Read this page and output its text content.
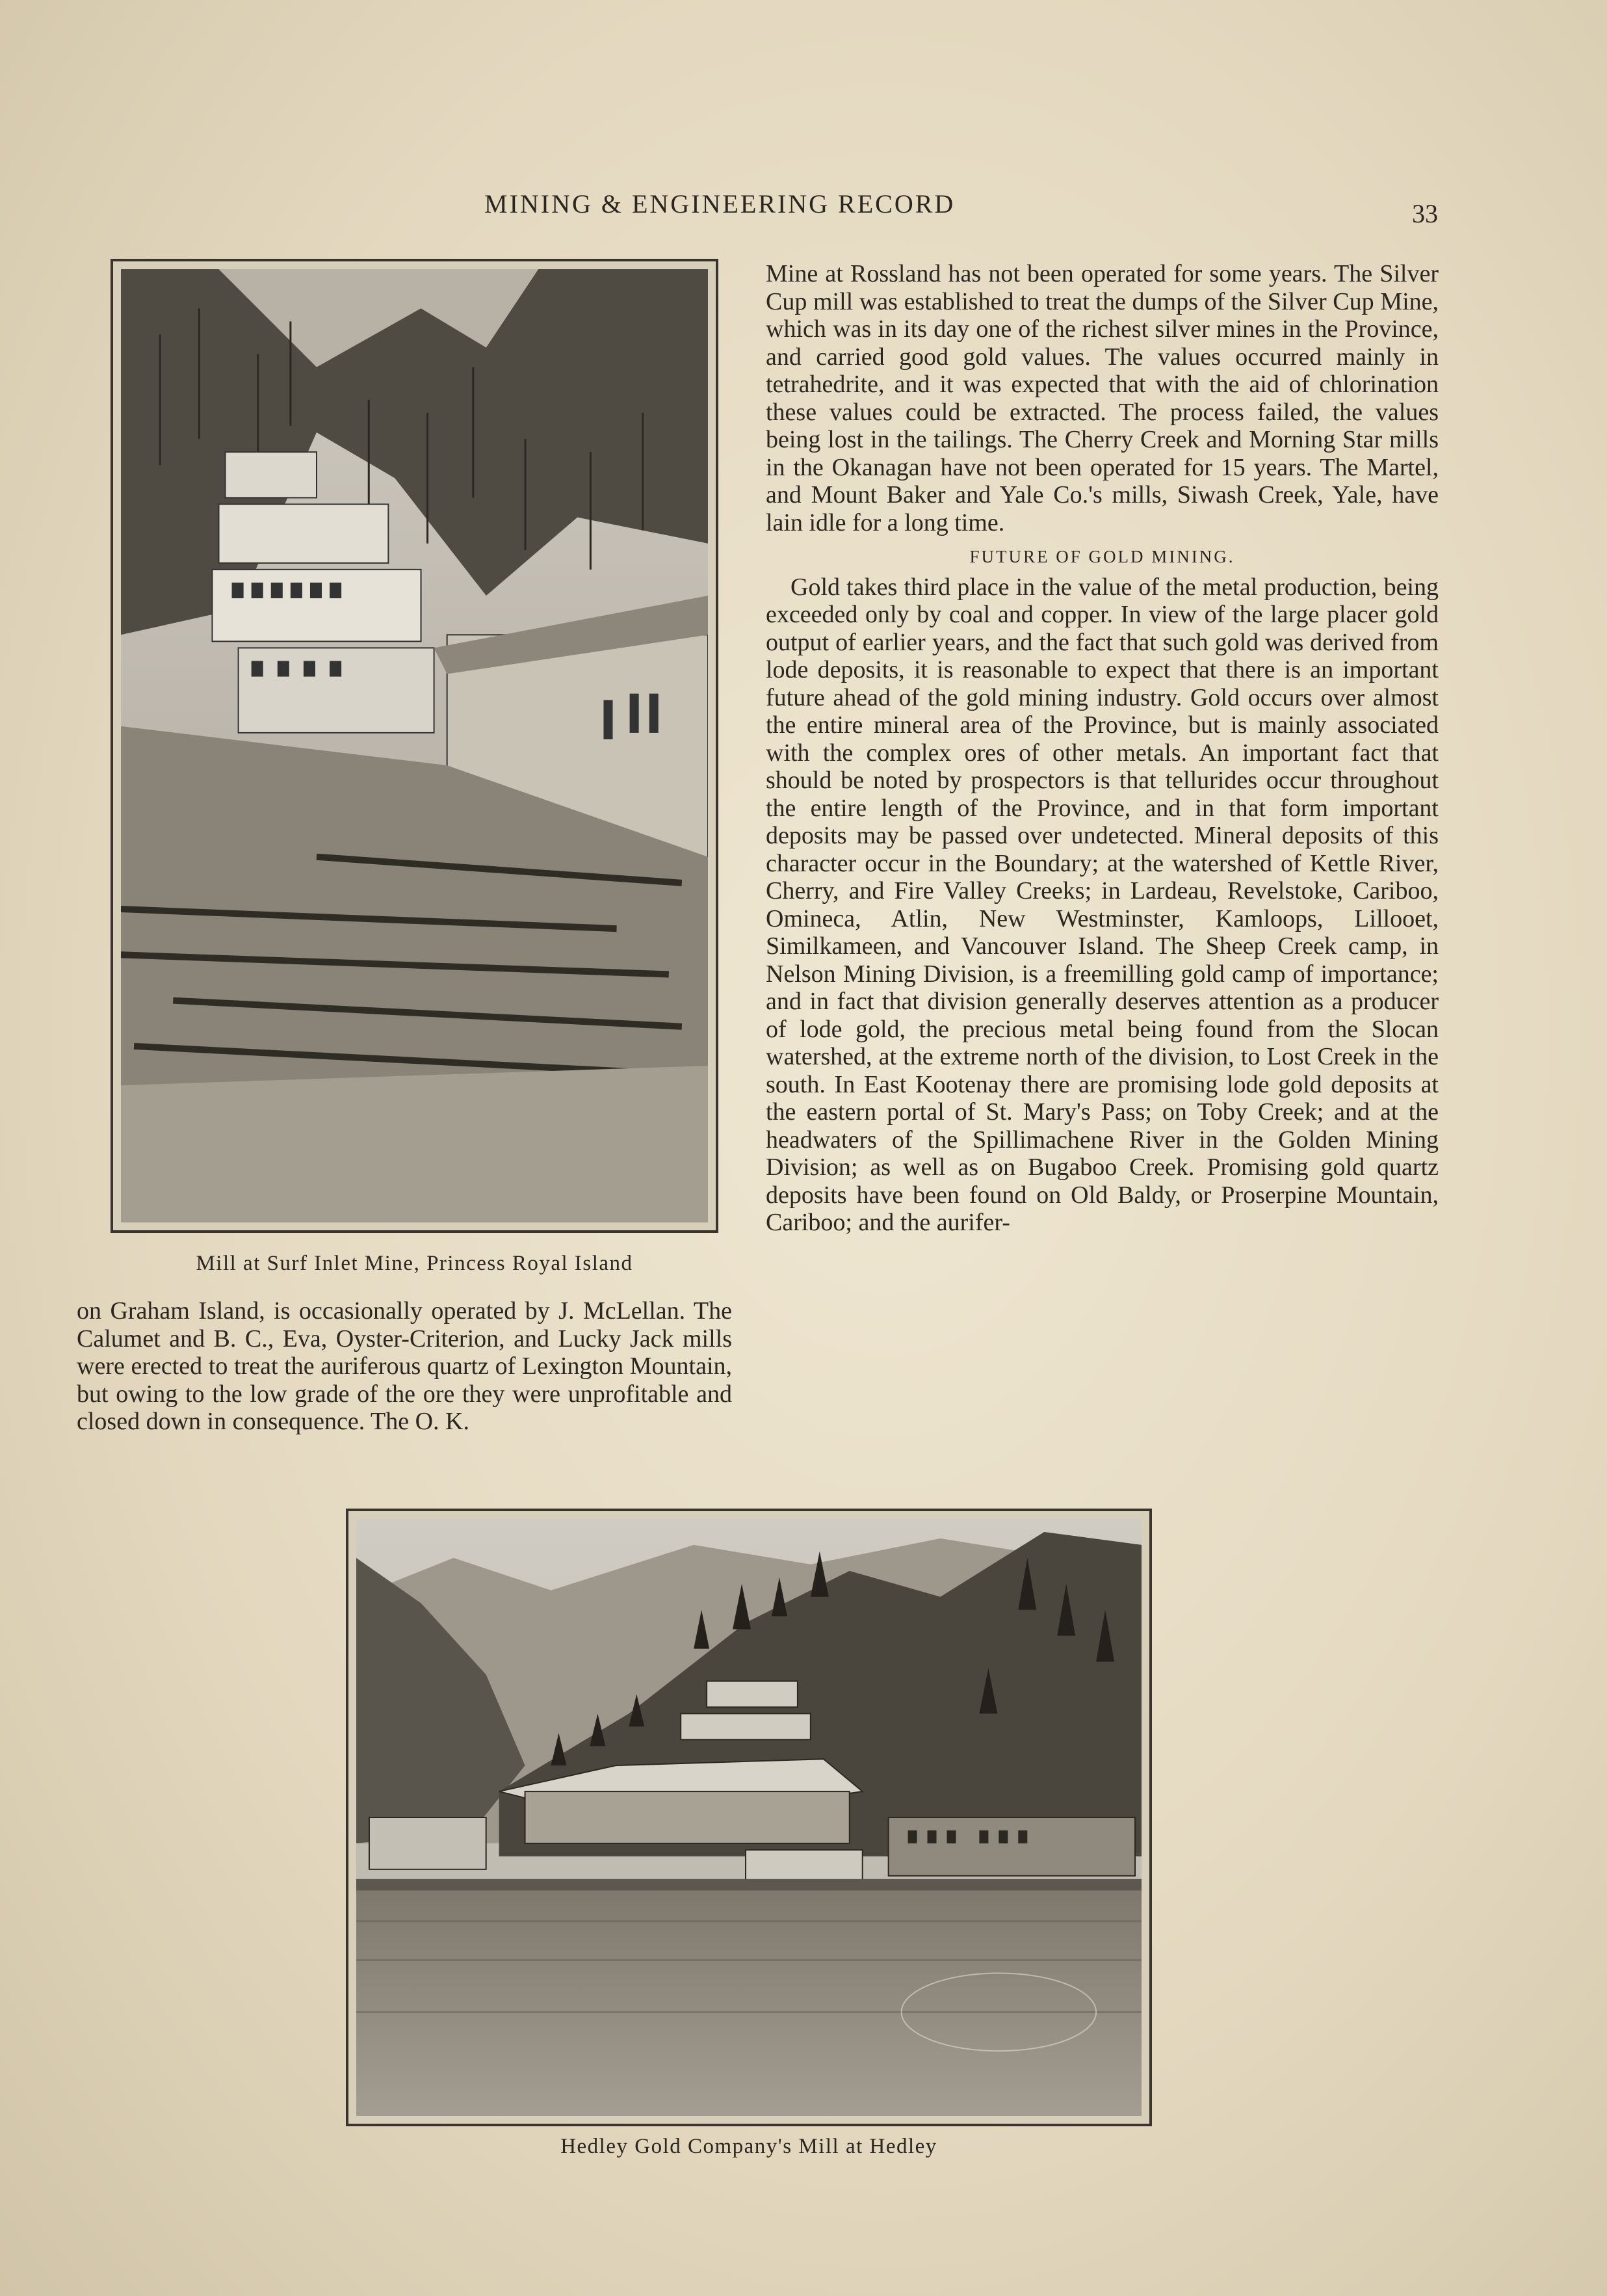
MINING & ENGINEERING RECORD	33
Mill at Surf Inlet Mine, Princess Royal Island

Mine at Rossland has not been operated for some years. The Silver Cup mill was established to treat the dumps of the Silver Cup Mine, which was in its day one of the richest silver mines in the Province, and carried good gold values. The values occurred mainly in tetrahedrite, and it was expected that with the aid of chlorination these values could be extracted. The process failed, the values being lost in the tailings. The Cherry Creek and Morning Star mills in the Okanagan have not been operated for 15 years. The Martel, and Mount Baker and Yale Co.'s mills, Siwash Creek, Yale, have lain idle for a long time.

FUTURE OF GOLD MINING.

Gold takes third place in the value of the metal production, being exceeded only by coal and copper. In view of the large placer gold output of earlier years, and the fact that such gold was derived from lode deposits, it is reasonable to expect that there is an important future ahead of the gold mining industry. Gold occurs over almost the entire mineral area of the Province, but is mainly associated with the complex ores of other metals. An important fact that should be noted by prospectors is that tellurides occur throughout the entire length of the Province, and in that form important deposits may be passed over undetected. Mineral deposits of this character occur in the Boundary; at the watershed of Kettle River, Cherry, and Fire Valley Creeks; in Lardeau, Revelstoke, Cariboo, Omineca, Atlin, New Westminster, Kamloops, Lillooet, Similkameen, and Vancouver Island. The Sheep Creek camp, in Nelson Mining Division, is a freemilling gold camp of importance; and in fact that division generally deserves attention as a producer of lode gold, the precious metal being found from the Slocan watershed, at the extreme north of the division, to Lost Creek in the south. In East Kootenay there are promising lode gold deposits at the eastern portal of St. Mary's Pass; on Toby Creek; and at the headwaters of the Spillimachene River in the Golden Mining Division; as well as on Bugaboo Creek. Promising gold quartz deposits have been found on Old Baldy, or Proserpine Mountain, Cariboo; and the aurifer-

on Graham Island, is occasionally operated by J. McLellan. The Calumet and B. C., Eva, Oyster-Criterion, and Lucky Jack mills were erected to treat the auriferous quartz of Lexington Mountain, but owing to the low grade of the ore they were unprofitable and closed down in consequence. The O. K.

Hedley Gold Company's Mill at Hedley
